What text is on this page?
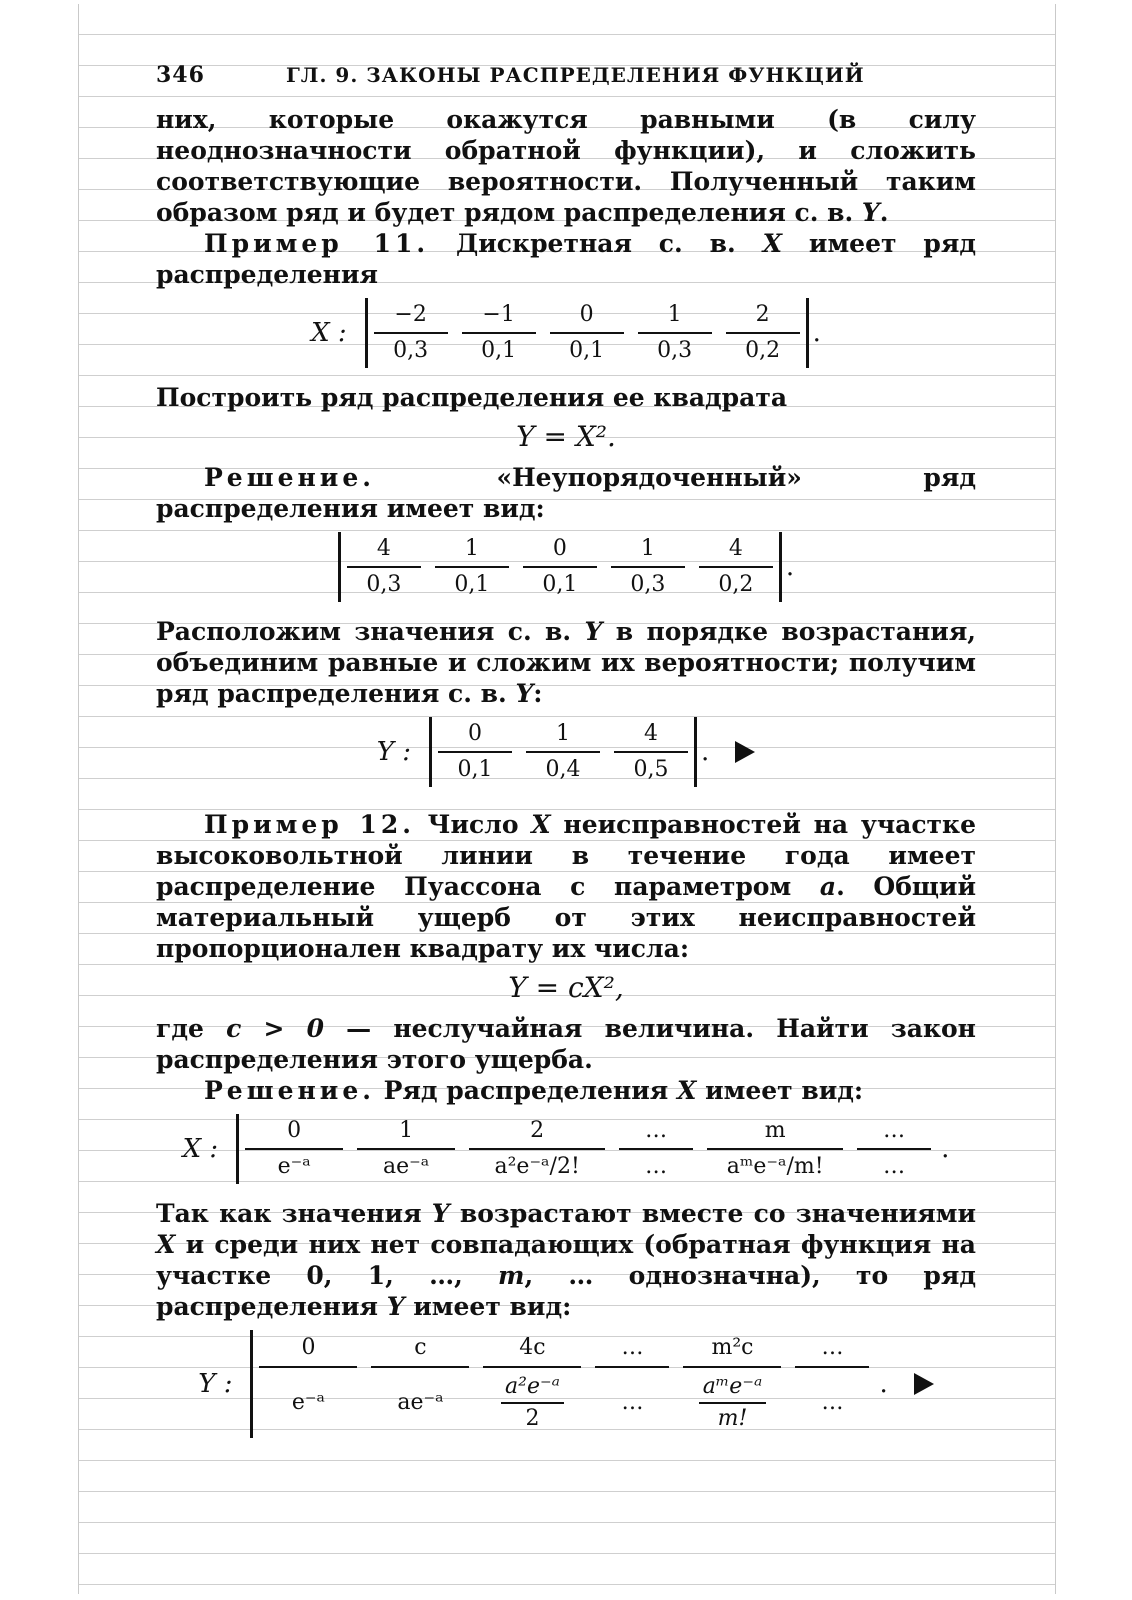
346	ГЛ. 9. ЗАКОНЫ РАСПРЕДЕЛЕНИЯ ФУНКЦИЙ

них, которые окажутся равными (в силу неоднозначности обратной функции), и сложить соответствующие вероятности. Полученный таким образом ряд и будет рядом распределения с. в. Y.

Пример 11. Дискретная с. в. X имеет ряд распределения

X :
−2
0,3
−1
0,1
0
0,1
1
0,3
2
0,2
.

Построить ряд распределения ее квадрата

Y = X².

Решение. «Неупорядоченный» ряд распределения имеет вид:

4
0,3
1
0,1
0
0,1
1
0,3
4
0,2
.

Расположим значения с. в. Y в порядке возрастания, объединим равные и сложим их вероятности; получим ряд распределения с. в. Y:

Y :
0
0,1
1
0,4
4
0,5
.

Пример 12. Число X неисправностей на участке высоковольтной линии в течение года имеет распределение Пуассона с параметром a. Общий материальный ущерб от этих неисправностей пропорционален квадрату их числа:

Y = cX²,

где c > 0 — неслучайная величина. Найти закон распределения этого ущерба.

Решение. Ряд распределения X имеет вид:

X :
0
e⁻ᵃ
1
ae⁻ᵃ
2
a²e⁻ᵃ/2!
…
…
m
aᵐe⁻ᵃ/m!
…
…
.

Так как значения Y возрастают вместе со значениями X и среди них нет совпадающих (обратная функция на участке 0, 1, …, m, … однозначна), то ряд распределения Y имеет вид:

Y :
0
e⁻ᵃ
c
ae⁻ᵃ
4c
$\frac{\text{a²e⁻ᵃ}}{2}$
…
…
m²c
$\frac{\text{aᵐe⁻ᵃ}}{m!}$
…
…
.
